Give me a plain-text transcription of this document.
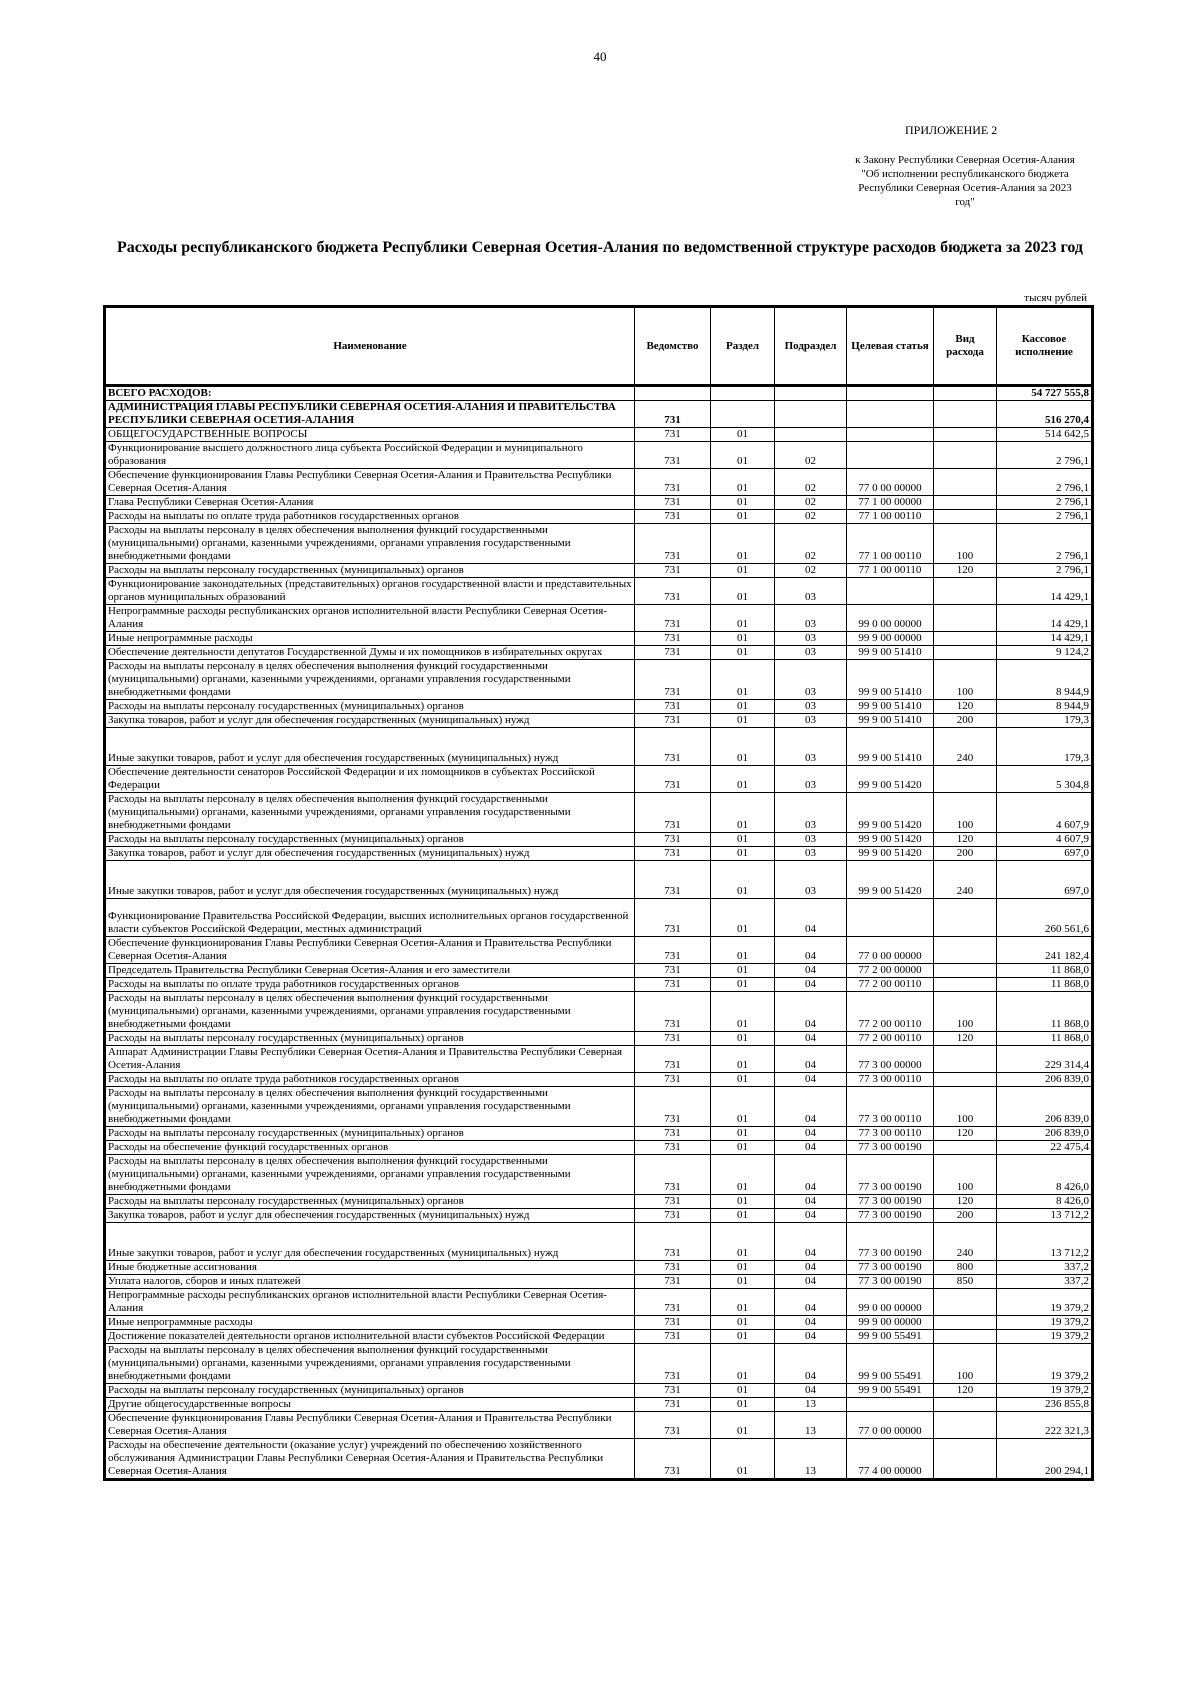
40
ПРИЛОЖЕНИЕ 2
к Закону Республики Северная Осетия-Алания "Об исполнении республиканского бюджета Республики Северная Осетия-Алания за 2023 год"
Расходы республиканского бюджета Республики Северная Осетия-Алания по ведомственной структуре расходов бюджета за 2023 год
тысяч рублей
Наименование	Ведомство	Раздел	Подраздел	Целевая статья	Вид расхода	Кассовое исполнение
ВСЕГО РАСХОДОВ:						54 727 555,8
АДМИНИСТРАЦИЯ ГЛАВЫ РЕСПУБЛИКИ СЕВЕРНАЯ ОСЕТИЯ-АЛАНИЯ И ПРАВИТЕЛЬСТВА РЕСПУБЛИКИ СЕВЕРНАЯ ОСЕТИЯ-АЛАНИЯ	731					516 270,4
ОБЩЕГОСУДАРСТВЕННЫЕ ВОПРОСЫ	731	01				514 642,5
Функционирование высшего должностного лица субъекта Российской Федерации и муниципального образования	731	01	02			2 796,1
Обеспечение функционирования Главы Республики Северная Осетия-Алания и Правительства Республики Северная Осетия-Алания	731	01	02	77 0 00 00000		2 796,1
Глава Республики Северная Осетия-Алания	731	01	02	77 1 00 00000		2 796,1
Расходы на выплаты по оплате труда работников государственных органов	731	01	02	77 1 00 00110		2 796,1
Расходы на выплаты персоналу в целях обеспечения выполнения функций государственными (муниципальными) органами, казенными учреждениями, органами управления государственными внебюджетными фондами	731	01	02	77 1 00 00110	100	2 796,1
Расходы на выплаты персоналу государственных (муниципальных) органов	731	01	02	77 1 00 00110	120	2 796,1
Функционирование законодательных (представительных) органов государственной власти и представительных органов муниципальных образований	731	01	03			14 429,1
Непрограммные расходы республиканских органов исполнительной власти Республики Северная Осетия-Алания	731	01	03	99 0 00 00000		14 429,1
Иные непрограммные расходы	731	01	03	99 9 00 00000		14 429,1
Обеспечение деятельности депутатов Государственной Думы и их помощников в избирательных округах	731	01	03	99 9 00 51410		9 124,2
Расходы на выплаты персоналу в целях обеспечения выполнения функций государственными (муниципальными) органами, казенными учреждениями, органами управления государственными внебюджетными фондами	731	01	03	99 9 00 51410	100	8 944,9
Расходы на выплаты персоналу государственных (муниципальных) органов	731	01	03	99 9 00 51410	120	8 944,9
Закупка товаров, работ и услуг для обеспечения государственных (муниципальных) нужд	731	01	03	99 9 00 51410	200	179,3
Иные закупки товаров, работ и услуг для обеспечения государственных (муниципальных) нужд	731	01	03	99 9 00 51410	240	179,3
Обеспечение деятельности сенаторов Российской Федерации и их помощников в субъектах Российской Федерации	731	01	03	99 9 00 51420		5 304,8
Расходы на выплаты персоналу в целях обеспечения выполнения функций государственными (муниципальными) органами, казенными учреждениями, органами управления государственными внебюджетными фондами	731	01	03	99 9 00 51420	100	4 607,9
Расходы на выплаты персоналу государственных (муниципальных) органов	731	01	03	99 9 00 51420	120	4 607,9
Закупка товаров, работ и услуг для обеспечения государственных (муниципальных) нужд	731	01	03	99 9 00 51420	200	697,0
Иные закупки товаров, работ и услуг для обеспечения государственных (муниципальных) нужд	731	01	03	99 9 00 51420	240	697,0
Функционирование Правительства Российской Федерации, высших исполнительных органов государственной власти субъектов Российской Федерации, местных администраций	731	01	04			260 561,6
Обеспечение функционирования Главы Республики Северная Осетия-Алания и Правительства Республики Северная Осетия-Алания	731	01	04	77 0 00 00000		241 182,4
Председатель Правительства Республики Северная Осетия-Алания и его заместители	731	01	04	77 2 00 00000		11 868,0
Расходы на выплаты по оплате труда работников государственных органов	731	01	04	77 2 00 00110		11 868,0
Расходы на выплаты персоналу в целях обеспечения выполнения функций государственными (муниципальными) органами, казенными учреждениями, органами управления государственными внебюджетными фондами	731	01	04	77 2 00 00110	100	11 868,0
Расходы на выплаты персоналу государственных (муниципальных) органов	731	01	04	77 2 00 00110	120	11 868,0
Аппарат Администрации Главы Республики Северная Осетия-Алания и Правительства Республики Северная Осетия-Алания	731	01	04	77 3 00 00000		229 314,4
Расходы на выплаты по оплате труда работников государственных органов	731	01	04	77 3 00 00110		206 839,0
Расходы на выплаты персоналу в целях обеспечения выполнения функций государственными (муниципальными) органами, казенными учреждениями, органами управления государственными внебюджетными фондами	731	01	04	77 3 00 00110	100	206 839,0
Расходы на выплаты персоналу государственных (муниципальных) органов	731	01	04	77 3 00 00110	120	206 839,0
Расходы на обеспечение функций государственных органов	731	01	04	77 3 00 00190		22 475,4
Расходы на выплаты персоналу в целях обеспечения выполнения функций государственными (муниципальными) органами, казенными учреждениями, органами управления государственными внебюджетными фондами	731	01	04	77 3 00 00190	100	8 426,0
Расходы на выплаты персоналу государственных (муниципальных) органов	731	01	04	77 3 00 00190	120	8 426,0
Закупка товаров, работ и услуг для обеспечения государственных (муниципальных) нужд	731	01	04	77 3 00 00190	200	13 712,2
Иные закупки товаров, работ и услуг для обеспечения государственных (муниципальных) нужд	731	01	04	77 3 00 00190	240	13 712,2
Иные бюджетные ассигнования	731	01	04	77 3 00 00190	800	337,2
Уплата налогов, сборов и иных платежей	731	01	04	77 3 00 00190	850	337,2
Непрограммные расходы республиканских органов исполнительной власти Республики Северная Осетия-Алания	731	01	04	99 0 00 00000		19 379,2
Иные непрограммные расходы	731	01	04	99 9 00 00000		19 379,2
Достижение показателей деятельности органов исполнительной власти субъектов Российской Федерации	731	01	04	99 9 00 55491		19 379,2
Расходы на выплаты персоналу в целях обеспечения выполнения функций государственными (муниципальными) органами, казенными учреждениями, органами управления государственными внебюджетными фондами	731	01	04	99 9 00 55491	100	19 379,2
Расходы на выплаты персоналу государственных (муниципальных) органов	731	01	04	99 9 00 55491	120	19 379,2
Другие общегосударственные вопросы	731	01	13			236 855,8
Обеспечение функционирования Главы Республики Северная Осетия-Алания и Правительства Республики Северная Осетия-Алания	731	01	13	77 0 00 00000		222 321,3
Расходы на обеспечение деятельности (оказание услуг) учреждений по обеспечению хозяйственного обслуживания Администрации Главы Республики Северная Осетия-Алания и Правительства Республики Северная Осетия-Алания	731	01	13	77 4 00 00000		200 294,1
